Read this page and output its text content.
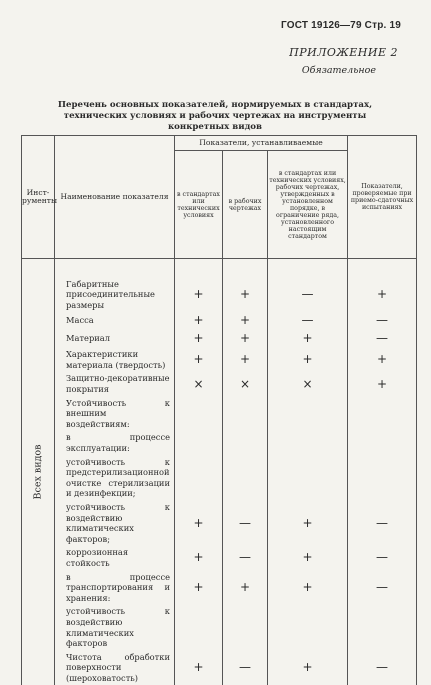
ГОСТ 19126—79 Стр. 19
ПРИЛОЖЕНИЕ 2
Обязательное
Перечень основных показателей, нормируемых в стандартах, технических условиях и рабочих чертежах на инструменты конкретных видов
Инст-рументы	Наименование показателя	Показатели, устанавливаемые			Показатели, проверяемые при приемо-сдаточных испытаниях
		в стандартах или технических условиях	в рабочих чертежах	в стандартах или технических условиях, рабочих чертежах, утвержденных в установленном порядке, в ограничение ряда, установленного настоящим стандартом	

Всех видов					

	Габаритные присоединительные размеры	+	+	—	+
	Масса	+	+	—	—
	Материал	+	+	+	—
	Характеристики материала (твердость)	+	+	+	+
	Защитно-декоративные покрытия	×	×	×	+
	Устойчивость к внешним воздействиям:				
	в процессе эксплуатации:				
	устойчивость к предстерилизационной очистке стерилизации и дезинфекции;				
	устойчивость к воздействию климатических факторов;	+	—	+	—
	коррозионная стойкость	+	—	+	—
	в процессе транспортирования и хранения:	+	+	+	—
	устойчивость к воздействию климатических факторов				
	Чистота обработки поверхности (шероховатость)	+	—	+	—
